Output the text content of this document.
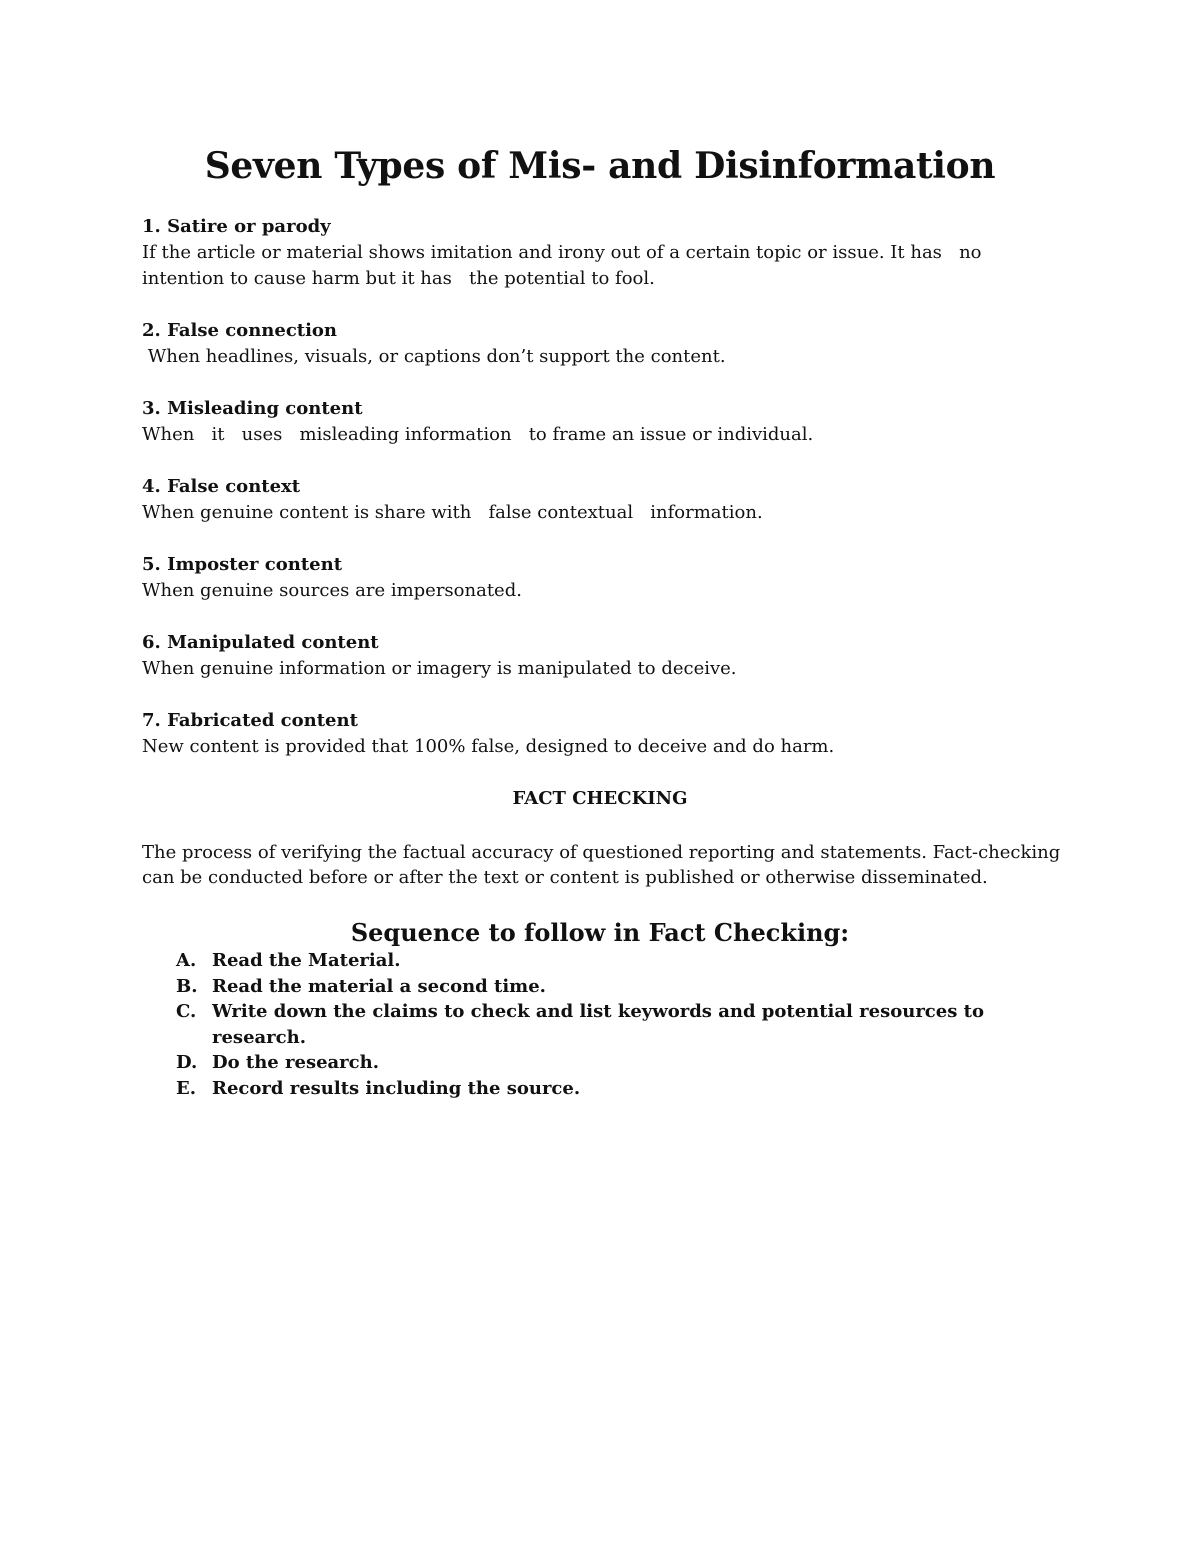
Seven Types of Mis- and Disinformation

1. Satire or parody

If the article or material shows imitation and irony out of a certain topic or issue. It has   no intention to cause harm but it has   the potential to fool.

2. False connection

When headlines, visuals, or captions don’t support the content.

3. Misleading content

When   it   uses   misleading information   to frame an issue or individual.

4. False context

When genuine content is share with   false contextual   information.

5. Imposter content

When genuine sources are impersonated.

6. Manipulated content

When genuine information or imagery is manipulated to deceive.

7. Fabricated content

New content is provided that 100% false, designed to deceive and do harm.

FACT CHECKING

The process of verifying the factual accuracy of questioned reporting and statements. Fact-checking can be conducted before or after the text or content is published or otherwise disseminated.

Sequence to follow in Fact Checking:
A. Read the Material.
B. Read the material a second time.
C. Write down the claims to check and list keywords and potential resources to research.
D. Do the research.
E. Record results including the source.
